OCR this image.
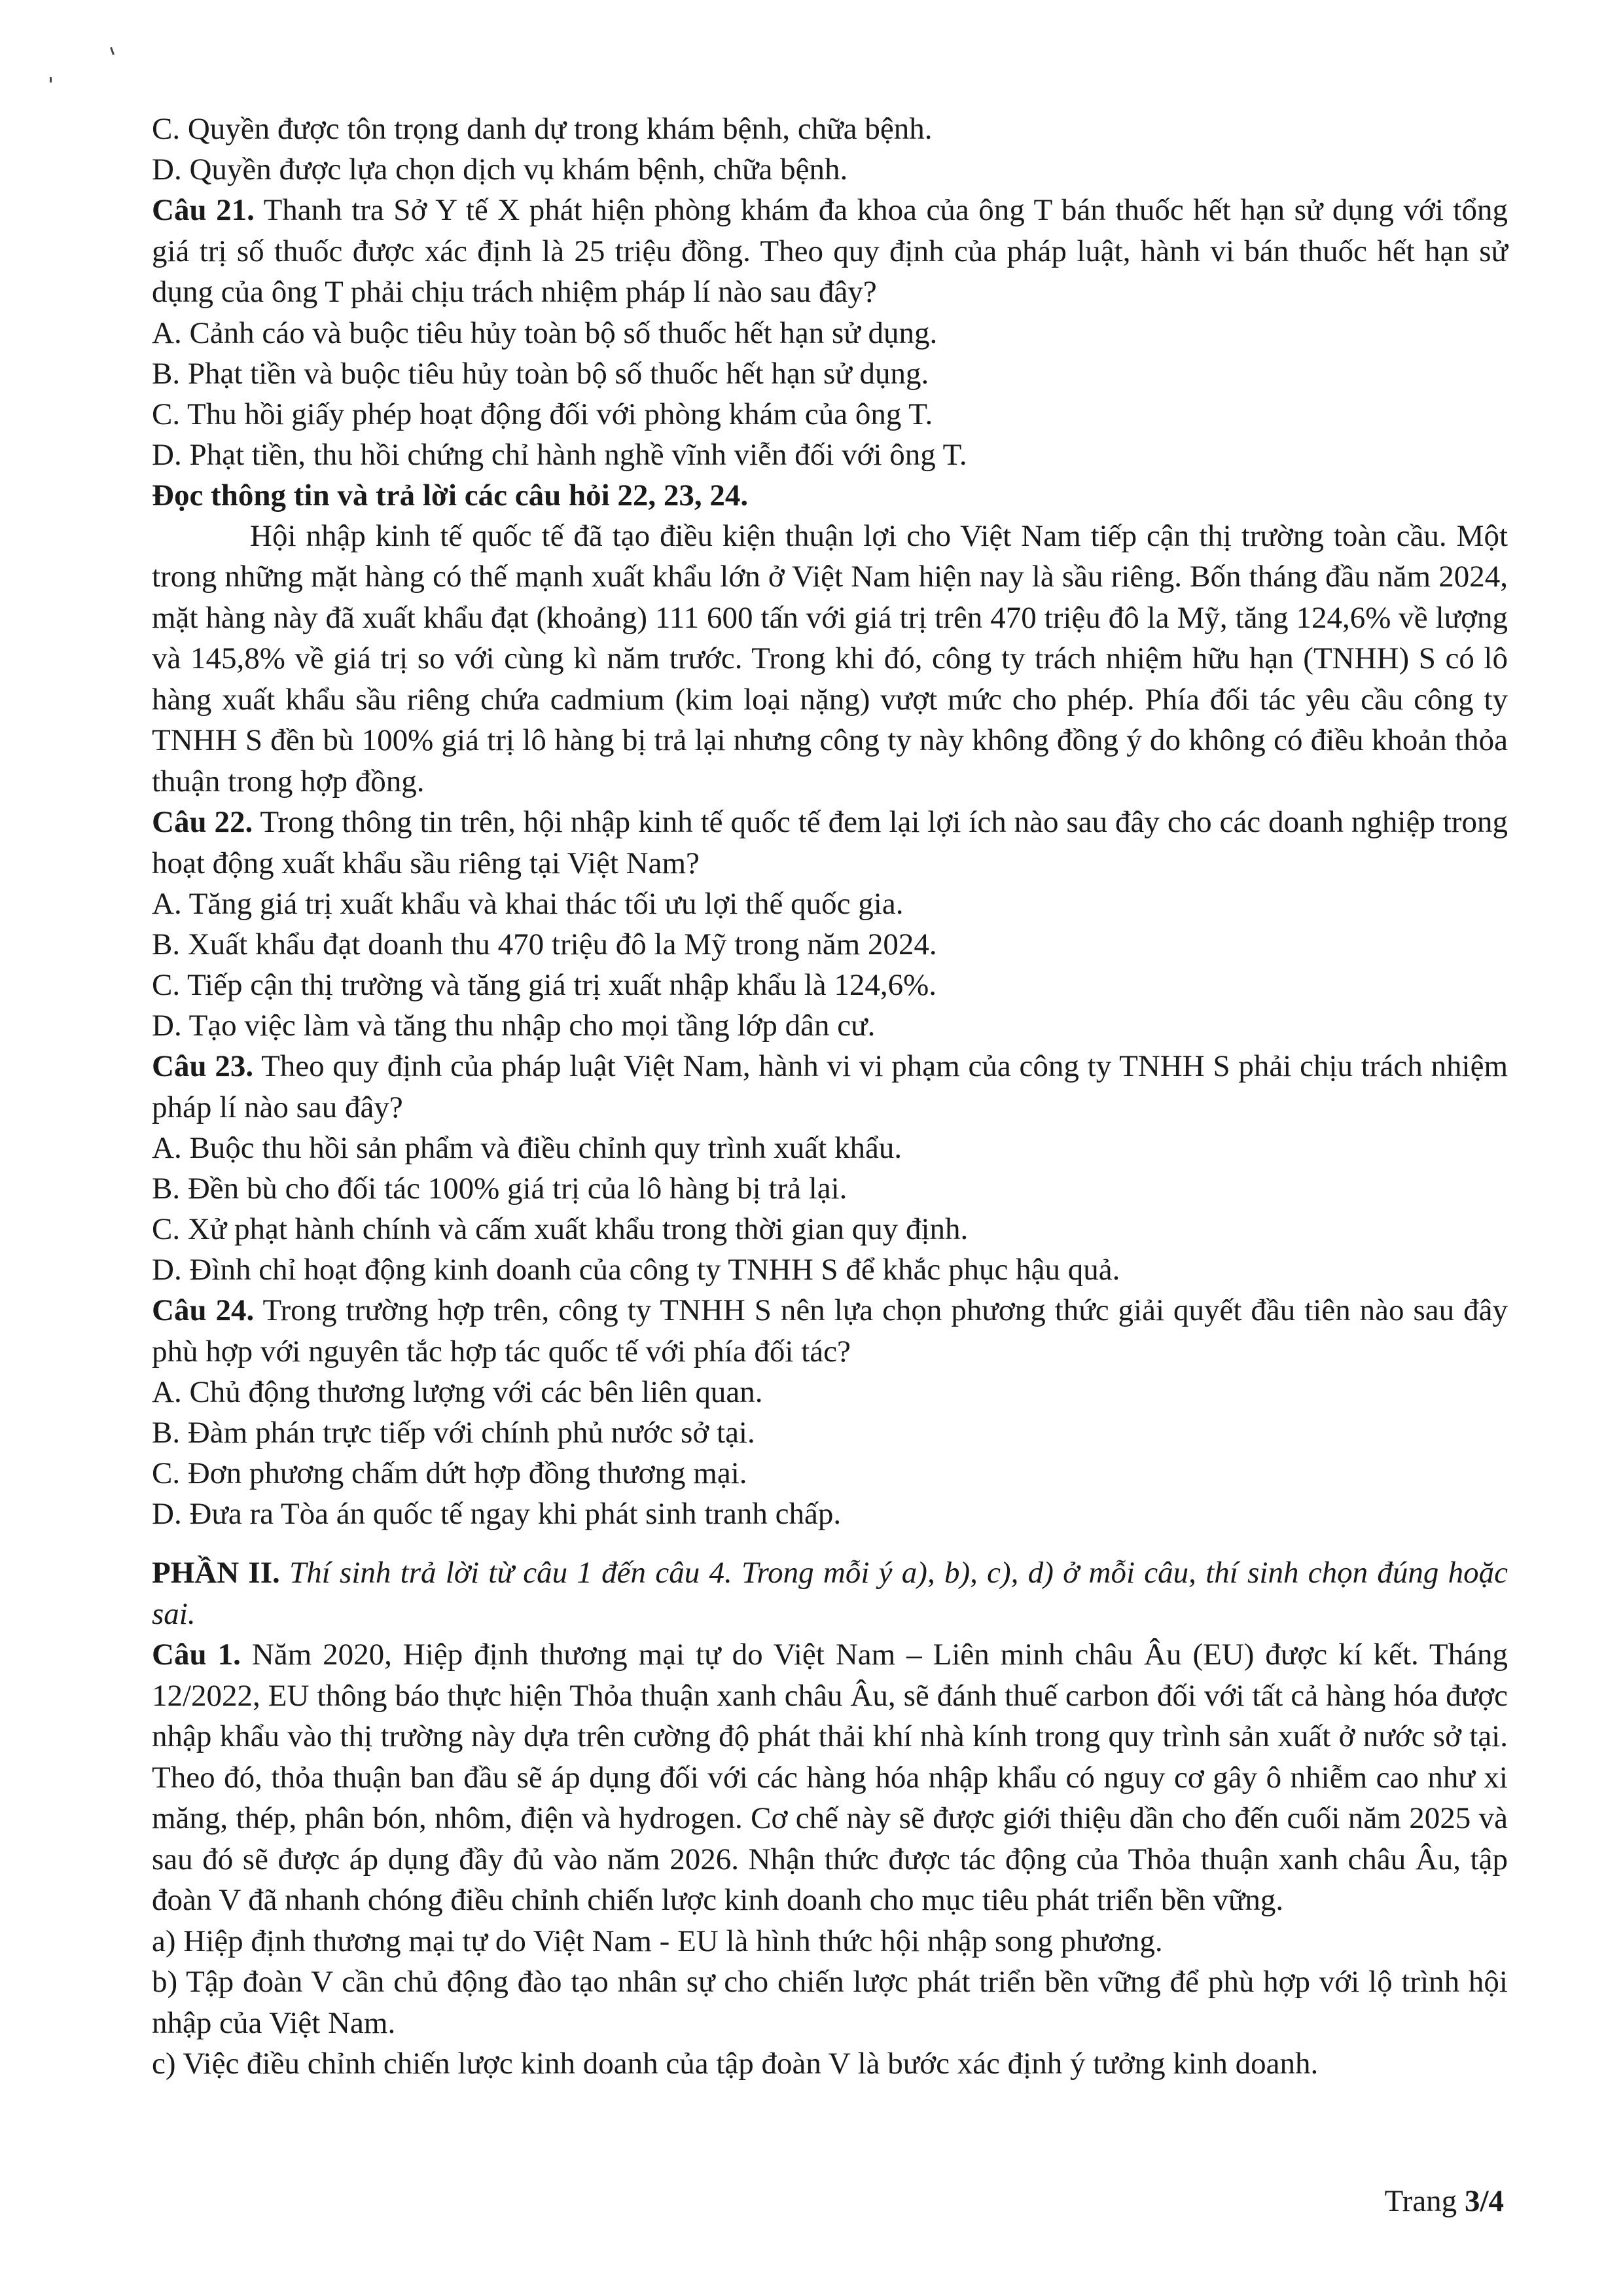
C. Quyền được tôn trọng danh dự trong khám bệnh, chữa bệnh.
D. Quyền được lựa chọn dịch vụ khám bệnh, chữa bệnh.
Câu 21. Thanh tra Sở Y tế X phát hiện phòng khám đa khoa của ông T bán thuốc hết hạn sử dụng với tổng giá trị số thuốc được xác định là 25 triệu đồng. Theo quy định của pháp luật, hành vi bán thuốc hết hạn sử dụng của ông T phải chịu trách nhiệm pháp lí nào sau đây?
A. Cảnh cáo và buộc tiêu hủy toàn bộ số thuốc hết hạn sử dụng.
B. Phạt tiền và buộc tiêu hủy toàn bộ số thuốc hết hạn sử dụng.
C. Thu hồi giấy phép hoạt động đối với phòng khám của ông T.
D. Phạt tiền, thu hồi chứng chỉ hành nghề vĩnh viễn đối với ông T.
Đọc thông tin và trả lời các câu hỏi 22, 23, 24.
Hội nhập kinh tế quốc tế đã tạo điều kiện thuận lợi cho Việt Nam tiếp cận thị trường toàn cầu. Một trong những mặt hàng có thế mạnh xuất khẩu lớn ở Việt Nam hiện nay là sầu riêng. Bốn tháng đầu năm 2024, mặt hàng này đã xuất khẩu đạt (khoảng) 111 600 tấn với giá trị trên 470 triệu đô la Mỹ, tăng 124,6% về lượng và 145,8% về giá trị so với cùng kì năm trước. Trong khi đó, công ty trách nhiệm hữu hạn (TNHH) S có lô hàng xuất khẩu sầu riêng chứa cadmium (kim loại nặng) vượt mức cho phép. Phía đối tác yêu cầu công ty TNHH S đền bù 100% giá trị lô hàng bị trả lại nhưng công ty này không đồng ý do không có điều khoản thỏa thuận trong hợp đồng.
Câu 22. Trong thông tin trên, hội nhập kinh tế quốc tế đem lại lợi ích nào sau đây cho các doanh nghiệp trong hoạt động xuất khẩu sầu riêng tại Việt Nam?
A. Tăng giá trị xuất khẩu và khai thác tối ưu lợi thế quốc gia.
B. Xuất khẩu đạt doanh thu 470 triệu đô la Mỹ trong năm 2024.
C. Tiếp cận thị trường và tăng giá trị xuất nhập khẩu là 124,6%.
D. Tạo việc làm và tăng thu nhập cho mọi tầng lớp dân cư.
Câu 23. Theo quy định của pháp luật Việt Nam, hành vi vi phạm của công ty TNHH S phải chịu trách nhiệm pháp lí nào sau đây?
A. Buộc thu hồi sản phẩm và điều chỉnh quy trình xuất khẩu.
B. Đền bù cho đối tác 100% giá trị của lô hàng bị trả lại.
C. Xử phạt hành chính và cấm xuất khẩu trong thời gian quy định.
D. Đình chỉ hoạt động kinh doanh của công ty TNHH S để khắc phục hậu quả.
Câu 24. Trong trường hợp trên, công ty TNHH S nên lựa chọn phương thức giải quyết đầu tiên nào sau đây phù hợp với nguyên tắc hợp tác quốc tế với phía đối tác?
A. Chủ động thương lượng với các bên liên quan.
B. Đàm phán trực tiếp với chính phủ nước sở tại.
C. Đơn phương chấm dứt hợp đồng thương mại.
D. Đưa ra Tòa án quốc tế ngay khi phát sinh tranh chấp.
PHẦN II. Thí sinh trả lời từ câu 1 đến câu 4. Trong mỗi ý a), b), c), d) ở mỗi câu, thí sinh chọn đúng hoặc sai.
Câu 1. Năm 2020, Hiệp định thương mại tự do Việt Nam – Liên minh châu Âu (EU) được kí kết. Tháng 12/2022, EU thông báo thực hiện Thỏa thuận xanh châu Âu, sẽ đánh thuế carbon đối với tất cả hàng hóa được nhập khẩu vào thị trường này dựa trên cường độ phát thải khí nhà kính trong quy trình sản xuất ở nước sở tại. Theo đó, thỏa thuận ban đầu sẽ áp dụng đối với các hàng hóa nhập khẩu có nguy cơ gây ô nhiễm cao như xi măng, thép, phân bón, nhôm, điện và hydrogen. Cơ chế này sẽ được giới thiệu dần cho đến cuối năm 2025 và sau đó sẽ được áp dụng đầy đủ vào năm 2026. Nhận thức được tác động của Thỏa thuận xanh châu Âu, tập đoàn V đã nhanh chóng điều chỉnh chiến lược kinh doanh cho mục tiêu phát triển bền vững.
a) Hiệp định thương mại tự do Việt Nam - EU là hình thức hội nhập song phương.
b) Tập đoàn V cần chủ động đào tạo nhân sự cho chiến lược phát triển bền vững để phù hợp với lộ trình hội nhập của Việt Nam.
c) Việc điều chỉnh chiến lược kinh doanh của tập đoàn V là bước xác định ý tưởng kinh doanh.
Trang 3/4
